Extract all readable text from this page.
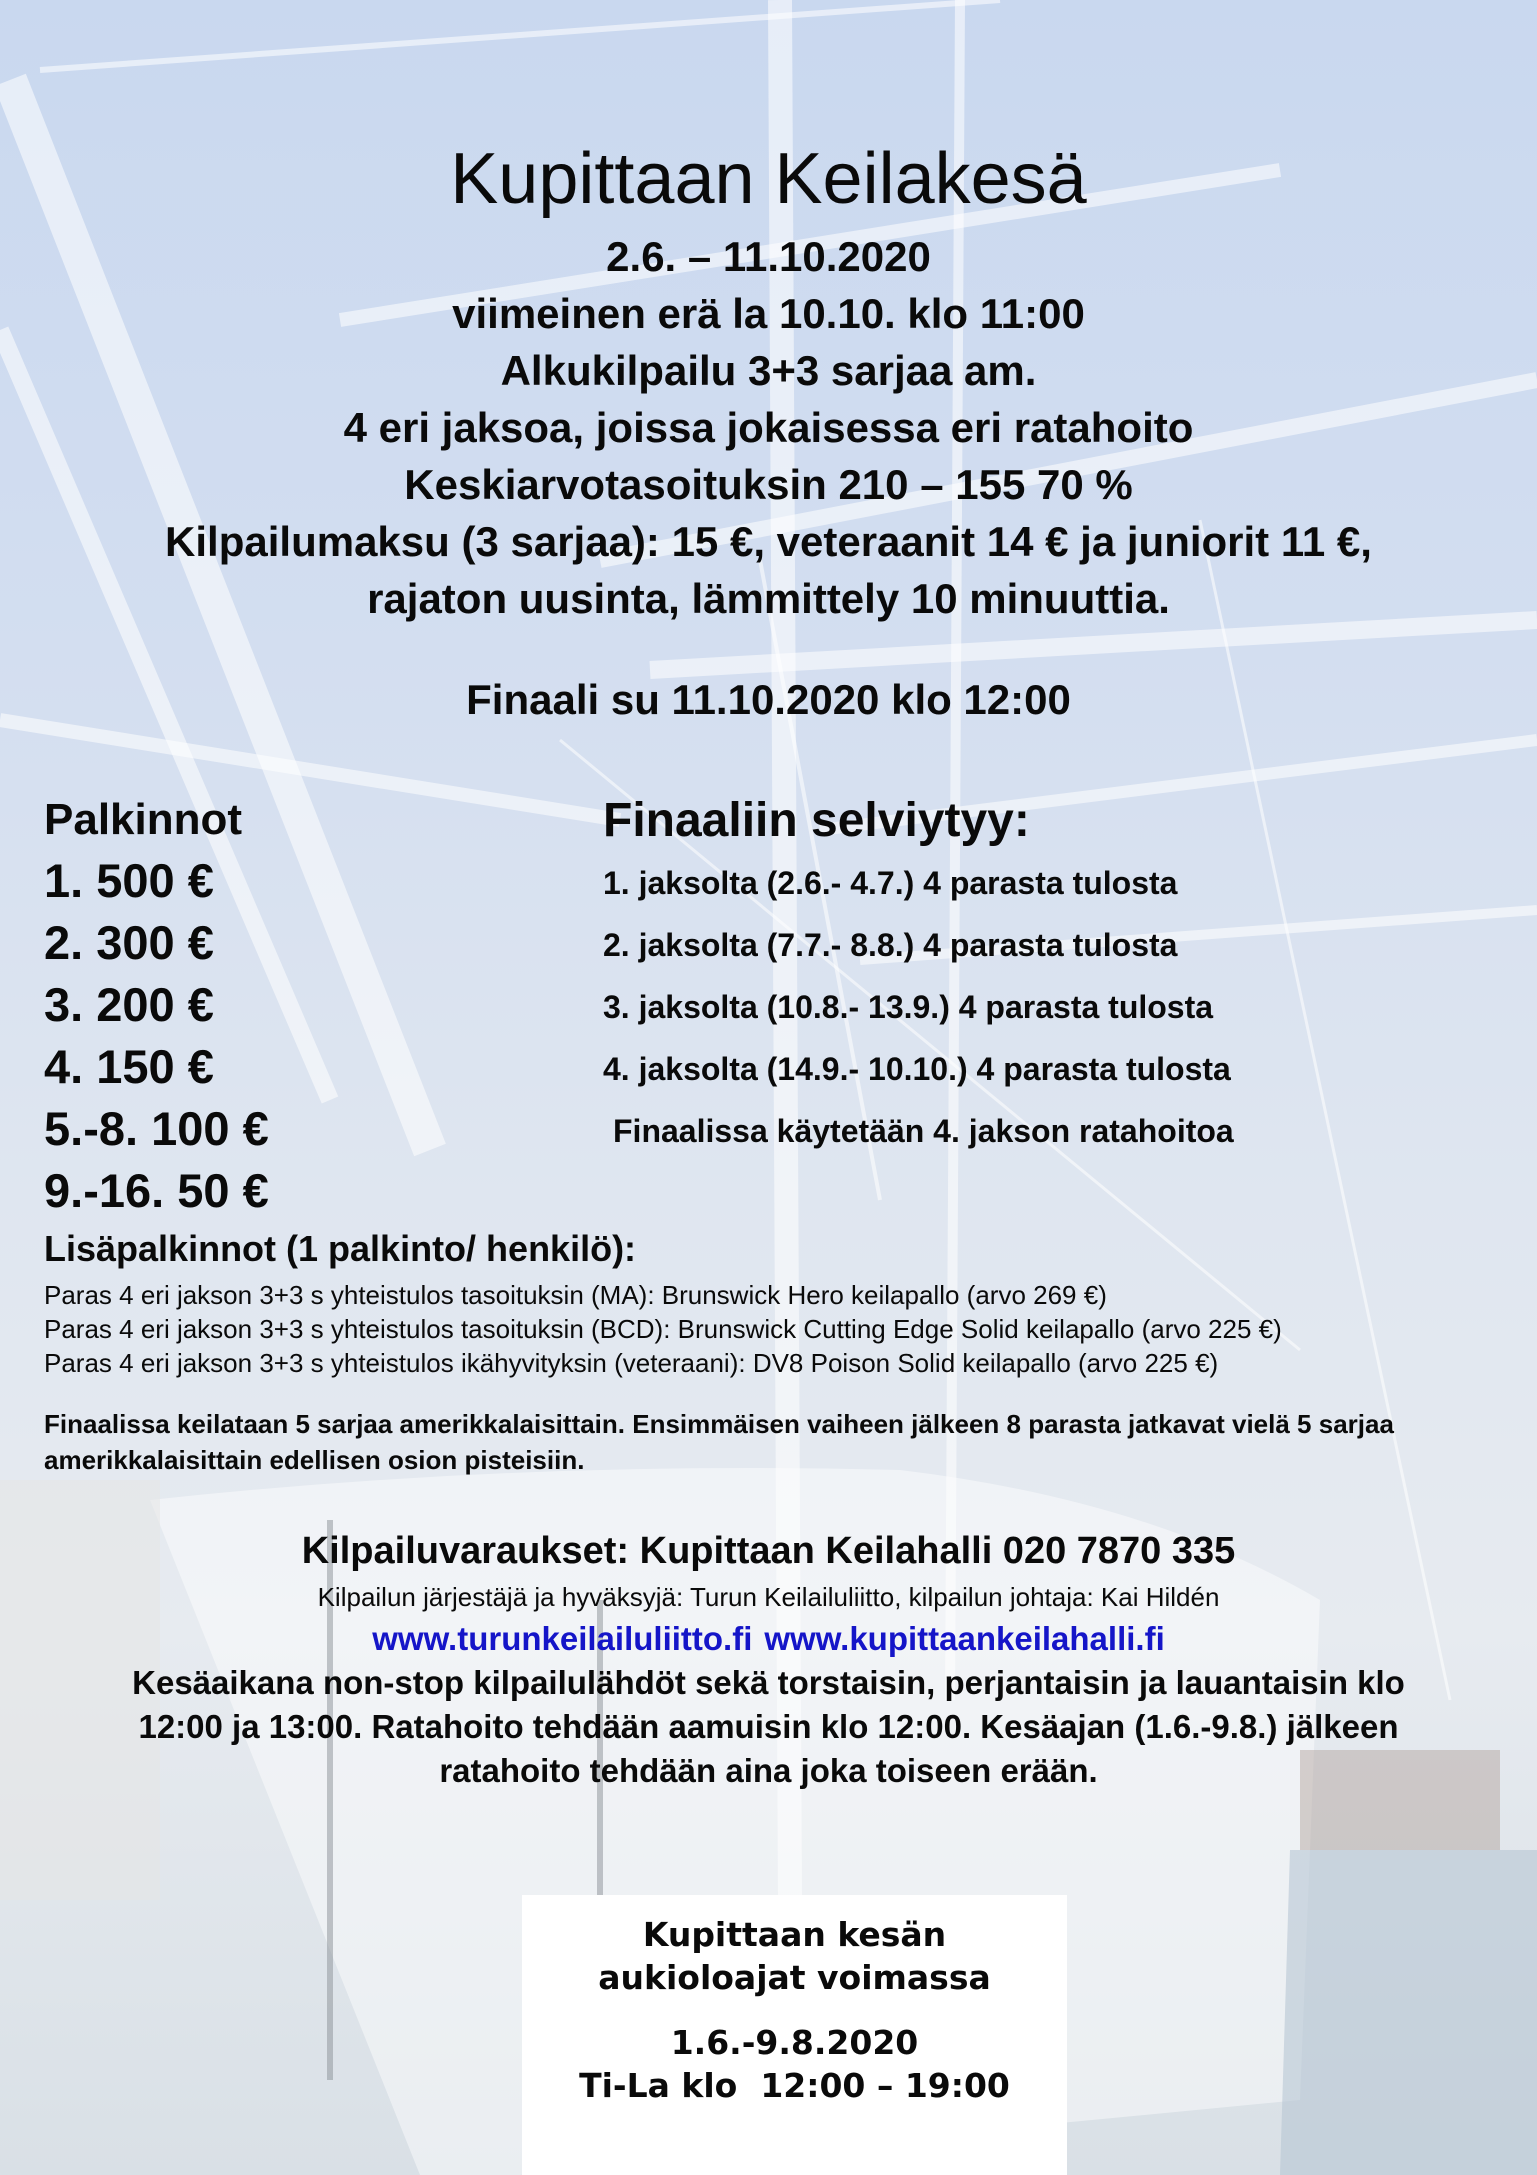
Kupittaan Keilakesä
2.6. – 11.10.2020
viimeinen erä la 10.10. klo 11:00
Alkukilpailu 3+3 sarjaa am.
4 eri jaksoa, joissa jokaisessa eri ratahoito
Keskiarvotasoituksin 210 – 155 70 %
Kilpailumaksu (3 sarjaa): 15 €, veteraanit 14 € ja juniorit 11 €,
rajaton uusinta, lämmittely 10 minuuttia.
Finaali su 11.10.2020 klo 12:00
Palkinnot
1. 500 €
2. 300 €
3. 200 €
4. 150 €
5.-8. 100 €
9.-16. 50 €
Finaaliin selviytyy:
1. jaksolta (2.6.- 4.7.) 4 parasta tulosta
2. jaksolta (7.7.- 8.8.) 4 parasta tulosta
3. jaksolta (10.8.- 13.9.) 4 parasta tulosta
4. jaksolta (14.9.- 10.10.) 4 parasta tulosta
Finaalissa käytetään 4. jakson ratahoitoa
Lisäpalkinnot (1 palkinto/ henkilö):
Paras 4 eri jakson 3+3 s yhteistulos tasoituksin (MA): Brunswick Hero keilapallo (arvo 269 €)
Paras 4 eri jakson 3+3 s yhteistulos tasoituksin (BCD): Brunswick Cutting Edge Solid keilapallo (arvo 225 €)
Paras 4 eri jakson 3+3 s yhteistulos ikähyvityksin (veteraani): DV8 Poison Solid keilapallo (arvo 225 €)
Finaalissa keilataan 5 sarjaa amerikkalaisittain. Ensimmäisen vaiheen jälkeen 8 parasta jatkavat vielä 5 sarjaa amerikkalaisittain edellisen osion pisteisiin.
Kilpailuvaraukset: Kupittaan Keilahalli 020 7870 335
Kilpailun järjestäjä ja hyväksyjä: Turun Keilailuliitto, kilpailun johtaja: Kai Hildén
www.turunkeilailuliitto.fi www.kupittaankeilahalli.fi
Kesäaikana non-stop kilpailulähdöt sekä torstaisin, perjantaisin ja lauantaisin klo
12:00 ja 13:00. Ratahoito tehdään aamuisin klo 12:00. Kesäajan (1.6.-9.8.) jälkeen
ratahoito tehdään aina joka toiseen erään.
Kupittaan kesän
aukioloajat voimassa
1.6.-9.8.2020
Ti-La klo  12:00 – 19:00
